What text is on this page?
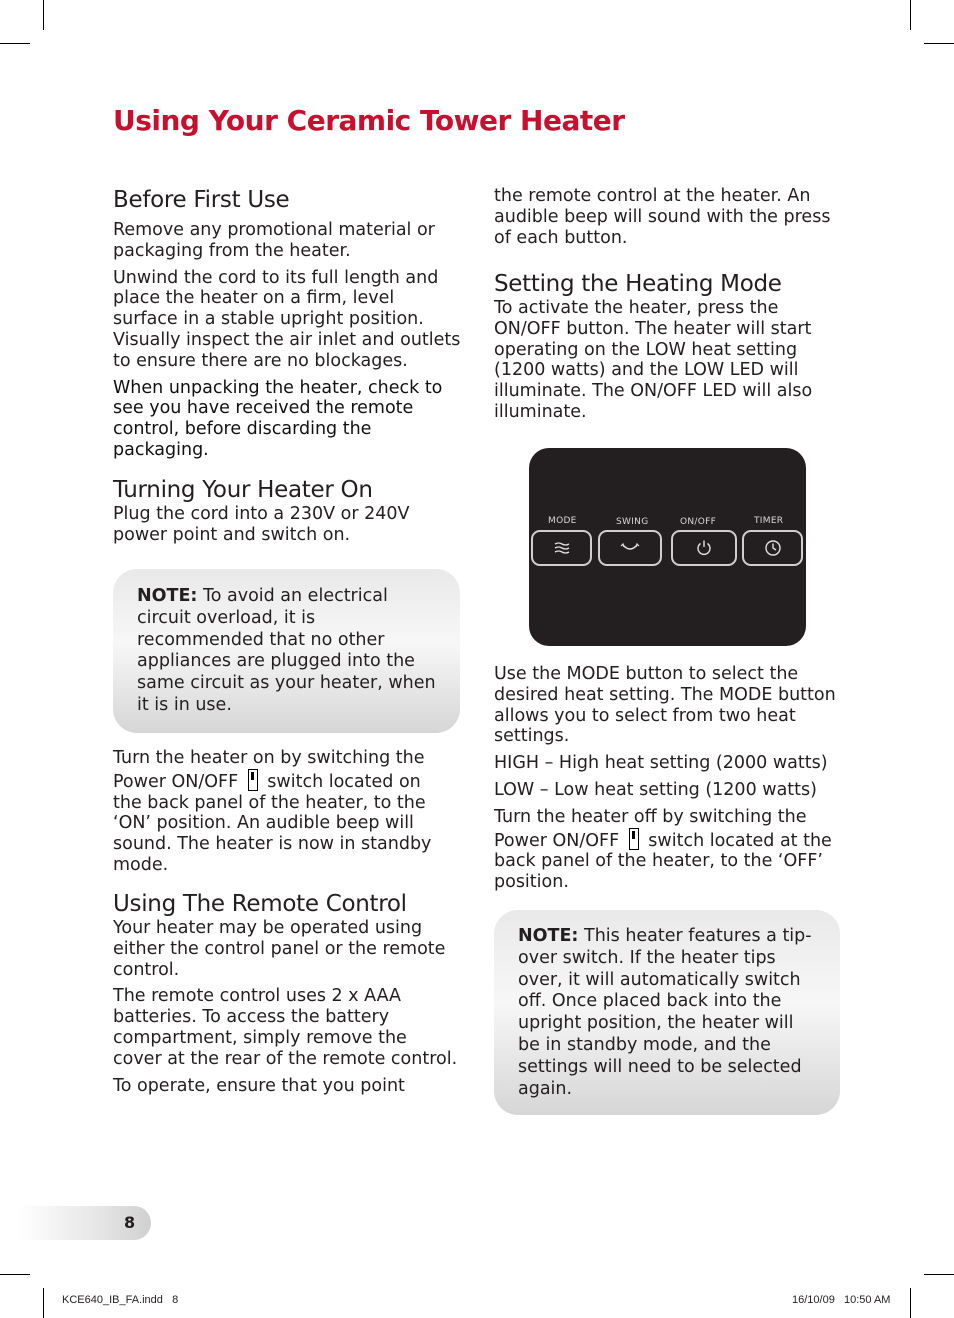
Using Your Ceramic Tower Heater
Before First Use

Remove any promotional material or packaging from the heater.

Unwind the cord to its full length and place the heater on a firm, level surface in a stable upright position. Visually inspect the air inlet and outlets to ensure there are no blockages.

When unpacking the heater, check to see you have received the remote control, before discarding the packaging.

Turning Your Heater On

Plug the cord into a 230V or 240V power point and switch on.

NOTE: To avoid an electrical circuit overload, it is recommended that no other appliances are plugged into the same circuit as your heater, when it is in use.

Turn the heater on by switching the Power ON/OFF switch located on the back panel of the heater, to the ‘ON’ position. An audible beep will sound. The heater is now in standby mode.

Using The Remote Control

Your heater may be operated using either the control panel or the remote control.

The remote control uses 2 x AAA batteries. To access the battery compartment, simply remove the cover at the rear of the remote control.

To operate, ensure that you point

the remote control at the heater. An audible beep will sound with the press of each button.

Setting the Heating Mode

To activate the heater, press the ON/OFF button. The heater will start operating on the LOW heat setting (1200 watts) and the LOW LED will illuminate. The ON/OFF LED will also illuminate.

MODE	SWING	ON/OFF	TIMER

Use the MODE button to select the desired heat setting. The MODE button allows you to select from two heat settings.

HIGH – High heat setting (2000 watts)

LOW – Low heat setting (1200 watts)

Turn the heater off by switching the Power ON/OFF switch located at the back panel of the heater, to the ‘OFF’ position.

NOTE: This heater features a tip-over switch. If the heater tips over, it will automatically switch off. Once placed back into the upright position, the heater will be in standby mode, and the settings will need to be selected again.
8
KCE640_IB_FA.indd   8	16/10/09   10:50 AM
